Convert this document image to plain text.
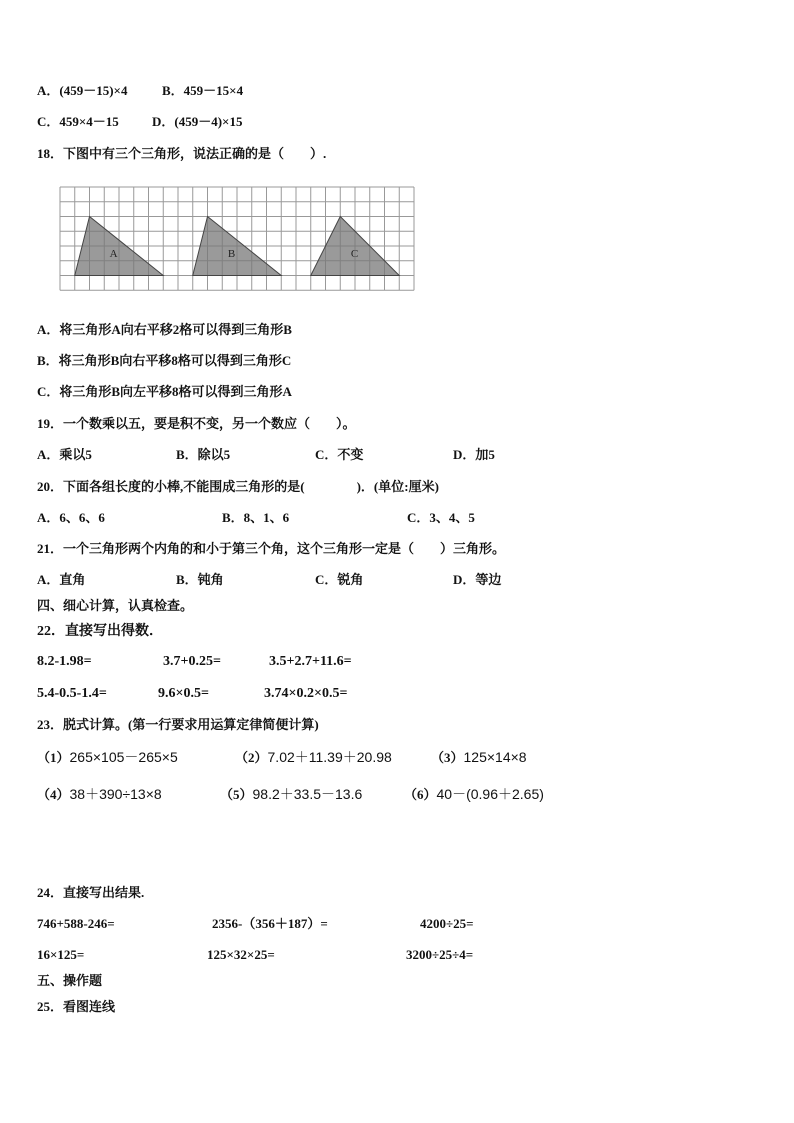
A．(459－15)×4	B．459－15×4
C．459×4－15	D．(459－4)×15
18．下图中有三个三角形，说法正确的是（　　）.
A	B	C
A．将三角形A向右平移2格可以得到三角形B
B．将三角形B向右平移8格可以得到三角形C
C．将三角形B向左平移8格可以得到三角形A
19．一个数乘以五，要是积不变，另一个数应（　　）。
A．乘以5	B．除以5	C．不变	D．加5
20．下面各组长度的小棒,不能围成三角形的是(　　　　)．(单位:厘米)
A．6、6、6	B．8、1、6	C．3、4、5
21．一个三角形两个内角的和小于第三个角，这个三角形一定是（　　）三角形。
A．直角	B．钝角	C．锐角	D．等边
四、细心计算，认真检查。
22．直接写出得数．
8.2-1.98=	3.7+0.25=	3.5+2.7+11.6=
5.4-0.5-1.4=	9.6×0.5=	3.74×0.2×0.5=
23．脱式计算。(第一行要求用运算定律简便计算)
（1）265×105－265×5	（2）7.02＋11.39＋20.98	（3）125×14×8
（4）38＋390÷13×8	（5）98.2＋33.5－13.6	（6）40－(0.96＋2.65)
24．直接写出结果.
746+588-246=	2356-（356＋187）=	4200÷25=
16×125=	125×32×25=	3200÷25÷4=
五、操作题
25．看图连线
